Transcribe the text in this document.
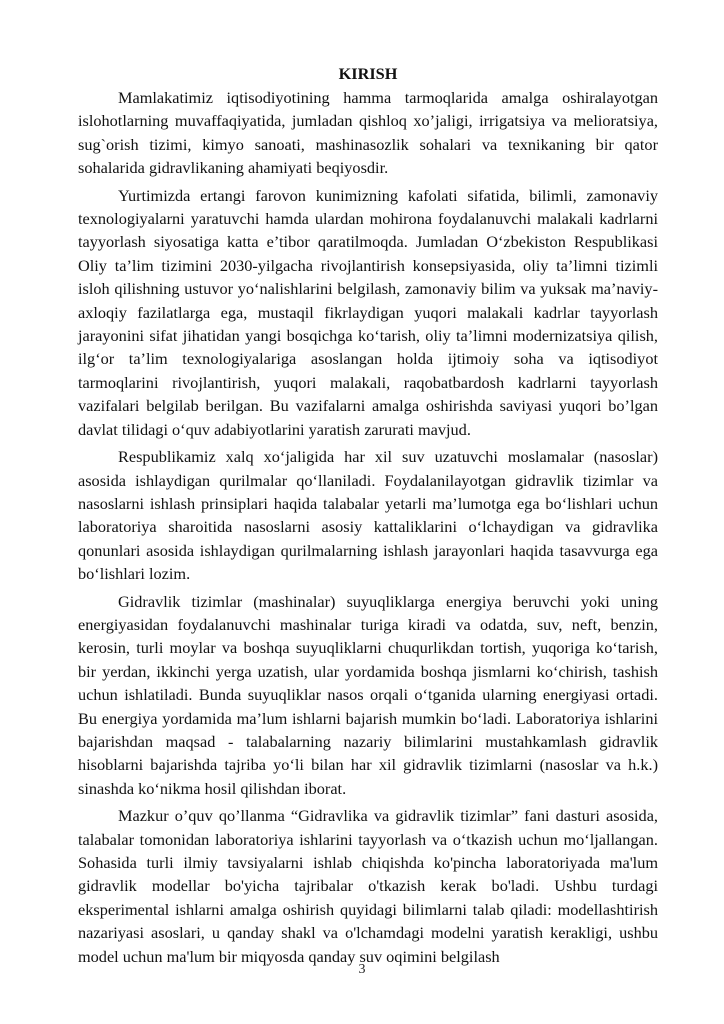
KIRISH

Mamlakatimiz iqtisodiyotining hamma tarmoqlarida amalga oshiralayotgan islohotlarning muvaffaqiyatida, jumladan qishloq xo’jaligi, irrigatsiya va melioratsiya, sug`orish tizimi, kimyo sanoati, mashinasozlik sohalari va texnikaning bir qator sohalarida gidravlikaning ahamiyati beqiyosdir.

Yurtimizda ertangi farovon kunimizning kafolati sifatida, bilimli, zamonaviy texnologiyalarni yaratuvchi hamda ulardan mohirona foydalanuvchi malakali kadrlarni tayyorlash siyosatiga katta e’tibor qaratilmoqda. Jumladan O‘zbekiston Respublikasi Oliy ta’lim tizimini 2030-yilgacha rivojlantirish konsepsiyasida, oliy ta’limni tizimli isloh qilishning ustuvor yo‘nalishlarini belgilash, zamonaviy bilim va yuksak ma’naviy-axloqiy fazilatlarga ega, mustaqil fikrlaydigan yuqori malakali kadrlar tayyorlash jarayonini sifat jihatidan yangi bosqichga ko‘tarish, oliy ta’limni modernizatsiya qilish, ilg‘or ta’lim texnologiyalariga asoslangan holda ijtimoiy soha va iqtisodiyot tarmoqlarini rivojlantirish, yuqori malakali, raqobatbardosh kadrlarni tayyorlash vazifalari belgilab berilgan. Bu vazifalarni amalga oshirishda saviyasi yuqori bo’lgan davlat tilidagi o‘quv adabiyotlarini yaratish zarurati mavjud.

Respublikamiz xalq xo‘jaligida har xil suv uzatuvchi moslamalar (nasoslar) asosida ishlaydigan qurilmalar qo‘llaniladi. Foydalanilayotgan gidravlik tizimlar va nasoslarni ishlash prinsiplari haqida talabalar yetarli ma’lumotga ega bo‘lishlari uchun laboratoriya sharoitida nasoslarni asosiy kattaliklarini o‘lchaydigan va gidravlika qonunlari asosida ishlaydigan qurilmalarning ishlash jarayonlari haqida tasavvurga ega bo‘lishlari lozim.

Gidravlik tizimlar (mashinalar) suyuqliklarga energiya beruvchi yoki uning energiyasidan foydalanuvchi mashinalar turiga kiradi va odatda, suv, neft, benzin, kerosin, turli moylar va boshqa suyuqliklarni chuqurlikdan tortish, yuqoriga ko‘tarish, bir yerdan, ikkinchi yerga uzatish, ular yordamida boshqa jismlarni ko‘chirish, tashish uchun ishlatiladi. Bunda suyuqliklar nasos orqali o‘tganida ularning energiyasi ortadi. Bu energiya yordamida ma’lum ishlarni bajarish mumkin bo‘ladi. Laboratoriya ishlarini bajarishdan maqsad - talabalarning nazariy bilimlarini mustahkamlash gidravlik hisoblarni bajarishda tajriba yo‘li bilan har xil gidravlik tizimlarni (nasoslar va h.k.) sinashda ko‘nikma hosil qilishdan iborat.

Mazkur o’quv qo’llanma “Gidravlika va gidravlik tizimlar” fani dasturi asosida, talabalar tomonidan laboratoriya ishlarini tayyorlash va o‘tkazish uchun mo‘ljallangan. Sohasida turli ilmiy tavsiyalarni ishlab chiqishda ko'pincha laboratoriyada ma'lum gidravlik modellar bo'yicha tajribalar o'tkazish kerak bo'ladi. Ushbu turdagi eksperimental ishlarni amalga oshirish quyidagi bilimlarni talab qiladi: modellashtirish nazariyasi asoslari, u qanday shakl va o'lchamdagi modelni yaratish kerakligi, ushbu model uchun ma'lum bir miqyosda qanday suv oqimini belgilash

3
